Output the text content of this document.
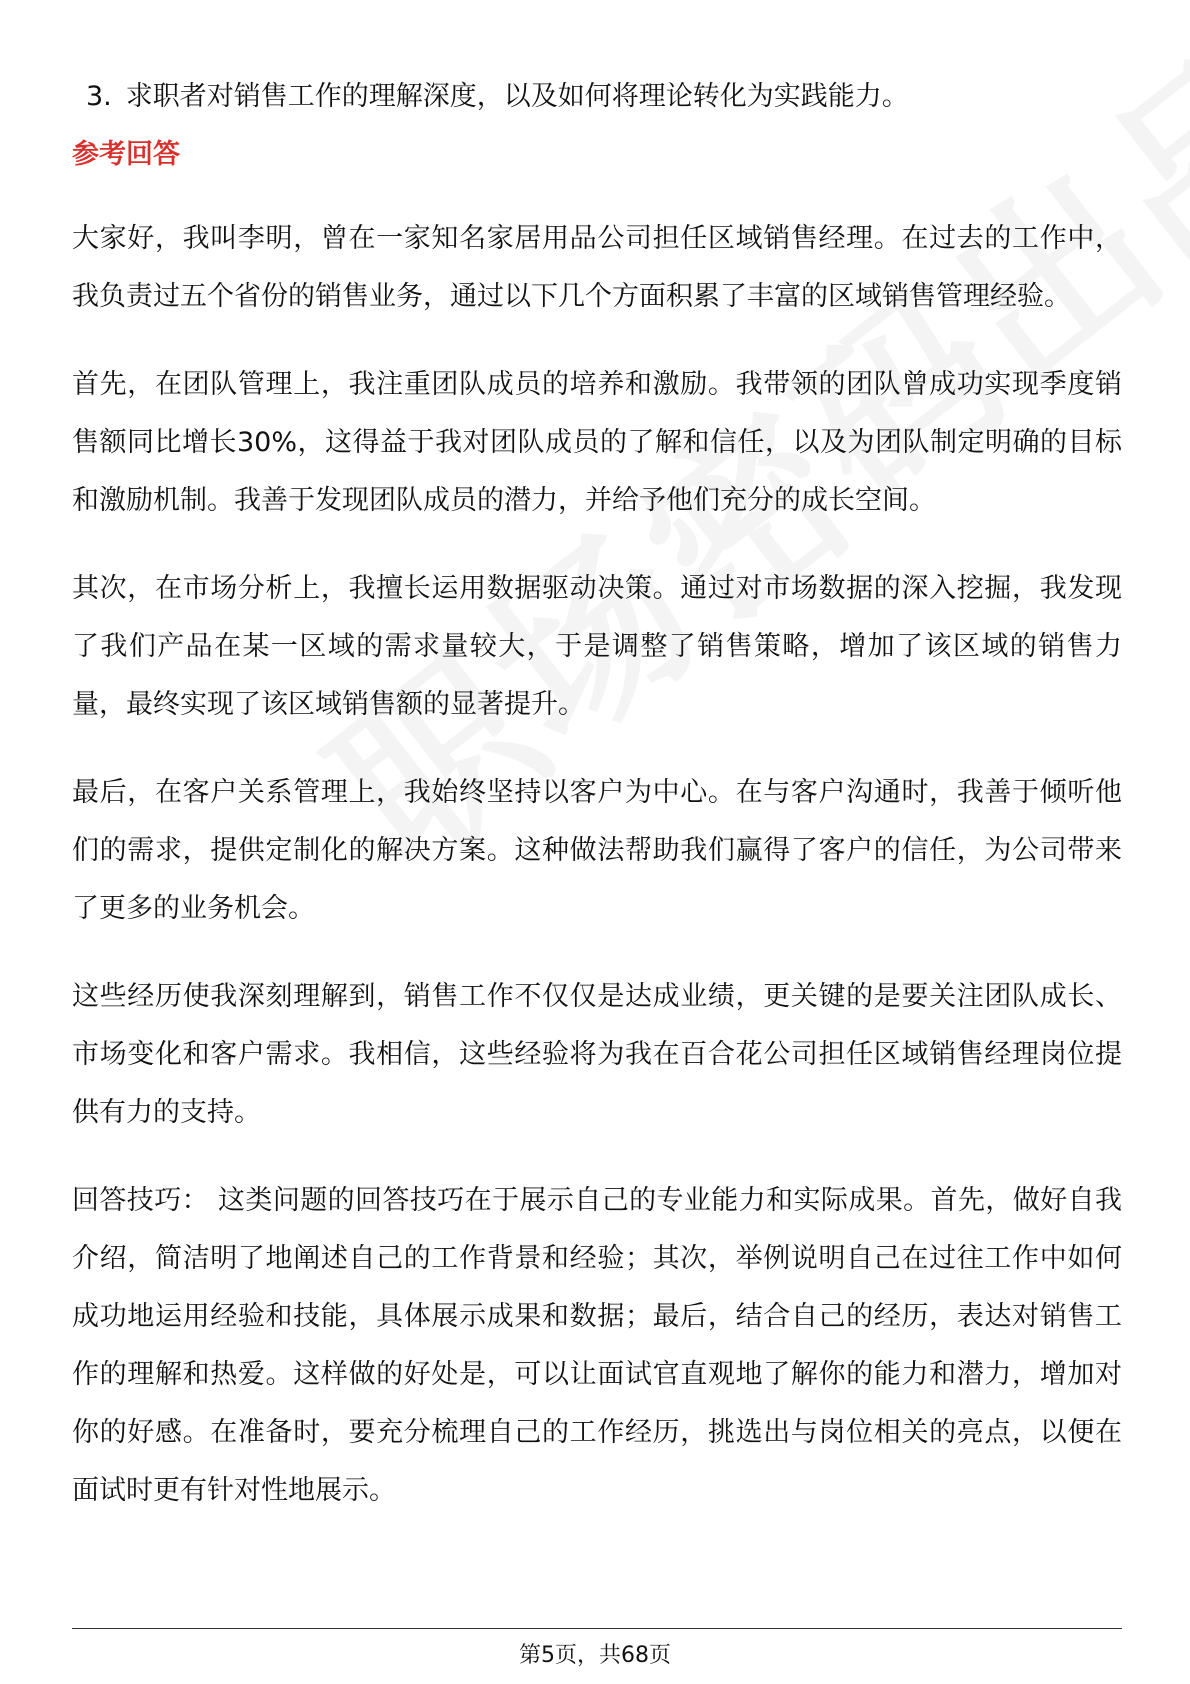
3. 求职者对销售工作的理解深度，以及如何将理论转化为实践能力。
参考回答

大家好，我叫李明，曾在一家知名家居用品公司担任区域销售经理。在过去的工作中，我负责过五个省份的销售业务，通过以下几个方面积累了丰富的区域销售管理经验。

首先，在团队管理上，我注重团队成员的培养和激励。我带领的团队曾成功实现季度销售额同比增长30%，这得益于我对团队成员的了解和信任，以及为团队制定明确的目标和激励机制。我善于发现团队成员的潜力，并给予他们充分的成长空间。

其次，在市场分析上，我擅长运用数据驱动决策。通过对市场数据的深入挖掘，我发现了我们产品在某一区域的需求量较大，于是调整了销售策略，增加了该区域的销售力量，最终实现了该区域销售额的显著提升。

最后，在客户关系管理上，我始终坚持以客户为中心。在与客户沟通时，我善于倾听他们的需求，提供定制化的解决方案。这种做法帮助我们赢得了客户的信任，为公司带来了更多的业务机会。

这些经历使我深刻理解到，销售工作不仅仅是达成业绩，更关键的是要关注团队成长、市场变化和客户需求。我相信，这些经验将为我在百合花公司担任区域销售经理岗位提供有力的支持。

回答技巧： 这类问题的回答技巧在于展示自己的专业能力和实际成果。首先，做好自我介绍，简洁明了地阐述自己的工作背景和经验；其次，举例说明自己在过往工作中如何成功地运用经验和技能，具体展示成果和数据；最后，结合自己的经历，表达对销售工作的理解和热爱。这样做的好处是，可以让面试官直观地了解你的能力和潜力，增加对你的好感。在准备时，要充分梳理自己的工作经历，挑选出与岗位相关的亮点，以便在面试时更有针对性地展示。

第5页，共68页
